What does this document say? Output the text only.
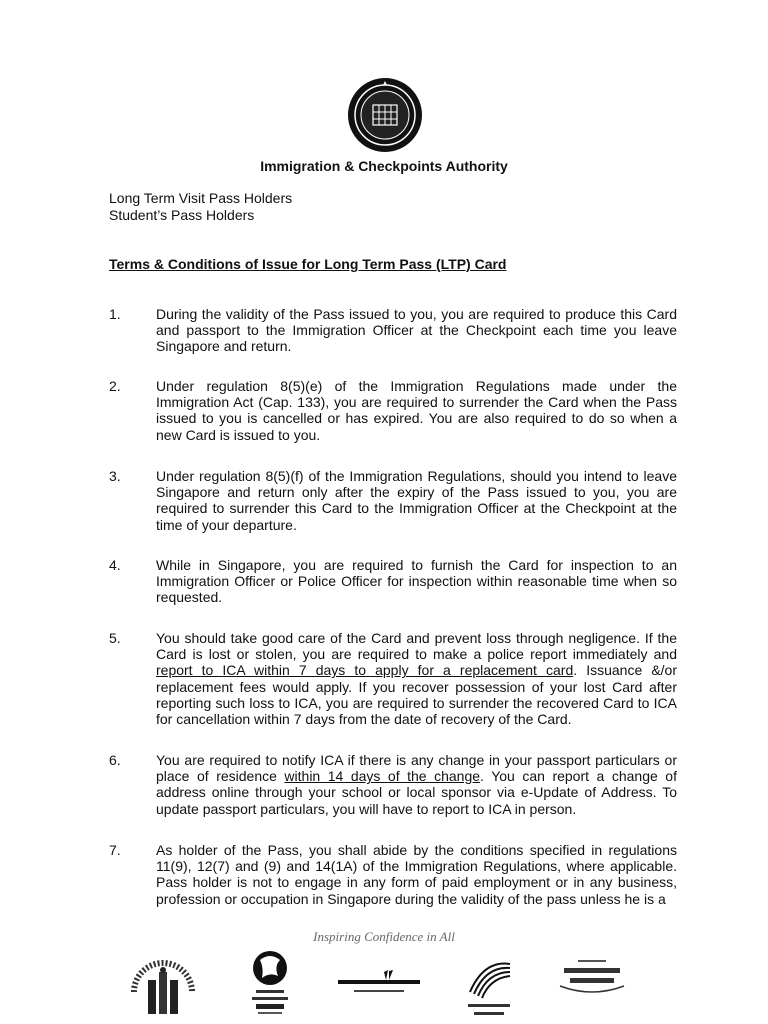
Immigration & Checkpoints Authority
Long Term Visit Pass Holders
Student’s Pass Holders
Terms & Conditions of Issue for Long Term Pass (LTP) Card
1.	During the validity of the Pass issued to you, you are required to produce this Card and passport to the Immigration Officer at the Checkpoint each time you leave Singapore and return.
2.	Under regulation 8(5)(e) of the Immigration Regulations made under the Immigration Act (Cap. 133), you are required to surrender the Card when the Pass issued to you is cancelled or has expired. You are also required to do so when a new Card is issued to you.
3.	Under regulation 8(5)(f) of the Immigration Regulations, should you intend to leave Singapore and return only after the expiry of the Pass issued to you, you are required to surrender this Card to the Immigration Officer at the Checkpoint at the time of your departure.
4.	While in Singapore, you are required to furnish the Card for inspection to an Immigration Officer or Police Officer for inspection within reasonable time when so requested.
5.	You should take good care of the Card and prevent loss through negligence. If the Card is lost or stolen, you are required to make a police report immediately and report to ICA within 7 days to apply for a replacement card. Issuance &/or replacement fees would apply. If you recover possession of your lost Card after reporting such loss to ICA, you are required to surrender the recovered Card to ICA for cancellation within 7 days from the date of recovery of the Card.
6.	You are required to notify ICA if there is any change in your passport particulars or place of residence within 14 days of the change. You can report a change of address online through your school or local sponsor via e-Update of Address. To update passport particulars, you will have to report to ICA in person.
7.	As holder of the Pass, you shall abide by the conditions specified in regulations 11(9), 12(7) and (9) and 14(1A) of the Immigration Regulations, where applicable. Pass holder is not to engage in any form of paid employment or in any business, profession or occupation in Singapore during the validity of the pass unless he is a
Inspiring Confidence in All
